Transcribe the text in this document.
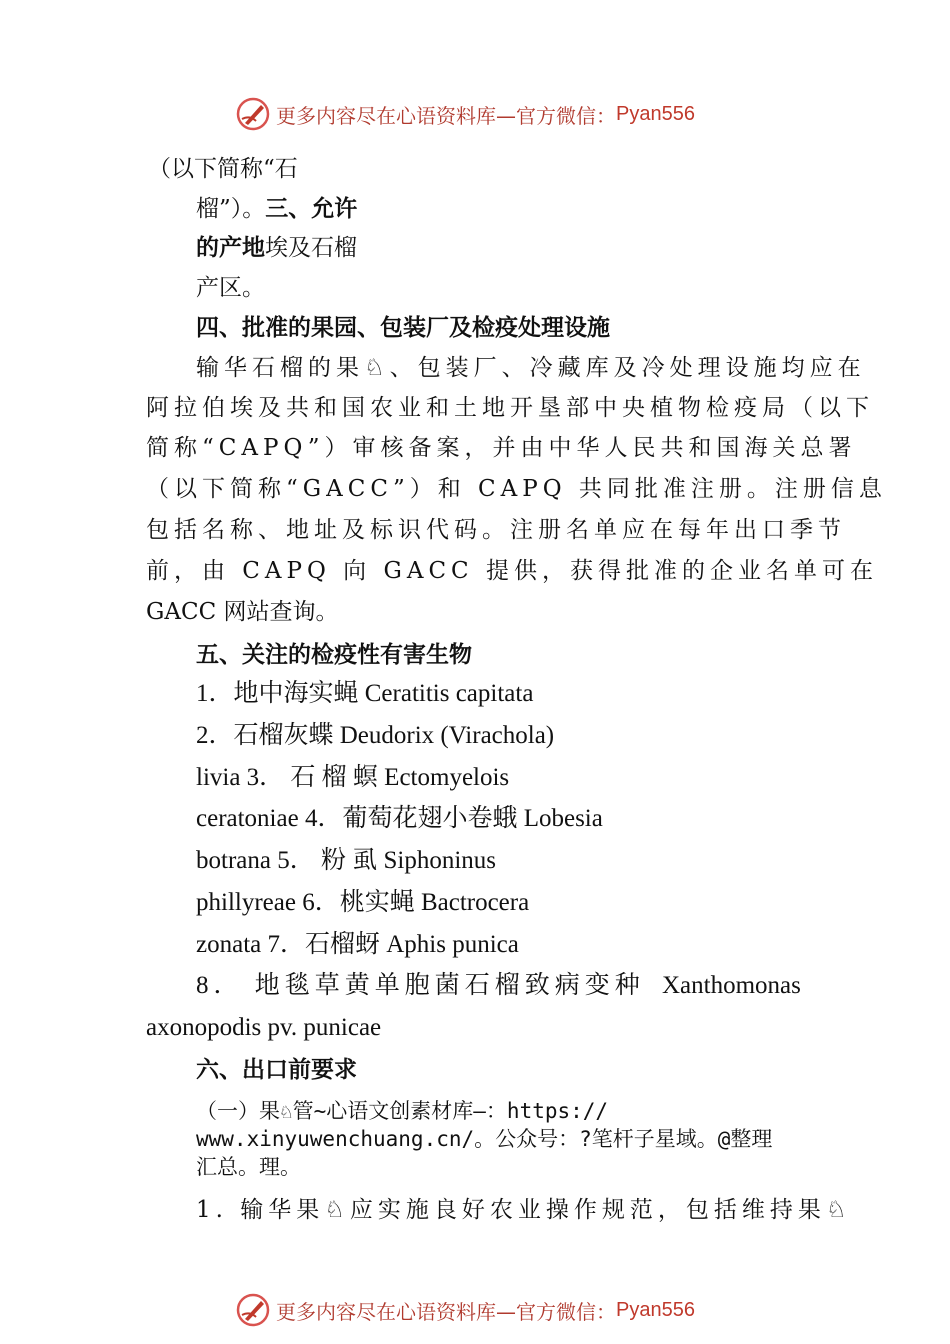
更多内容尽在心语资料库—官方微信： Pyan556
（以下简称“石
榴”）。三、允许
的产地埃及石榴
产区。
四、批准的果园、包装厂及检疫处理设施
输华石榴的果♘、包装厂、冷藏库及冷处理设施均应在
阿拉伯埃及共和国农业和土地开垦部中央植物检疫局（以下
简称“CAPQ”）审核备案，并由中华人民共和国海关总署
（以下简称“GACC”）和 CAPQ 共同批准注册。注册信息
包括名称、地址及标识代码。注册名单应在每年出口季节
前，由 CAPQ 向 GACC 提供，获得批准的企业名单可在
GACC 网站查询。
五、关注的检疫性有害生物
1．地中海实蝇 Ceratitis capitata
2．石榴灰蝶 Deudorix (Virachola)
livia 3． 石 榴 螟 Ectomyelois
ceratoniae 4．葡萄花翅小卷蛾 Lobesia
botrana 5． 粉 虱 Siphoninus
phillyreae 6．桃实蝇 Bactrocera
zonata 7．石榴蚜 Aphis punica
8． 地毯草黄单胞菌石榴致病变种 Xanthomonas
axonopodis pv. punicae
六、出口前要求
（一）果♘管~心语文创素材库—：https://
www.xinyuwenchuang.cn/。公众号：?笔杆子星域。@整理
汇总。理。
1. 输华果♘应实施良好农业操作规范，包括维持果♘
更多内容尽在心语资料库—官方微信： Pyan556
